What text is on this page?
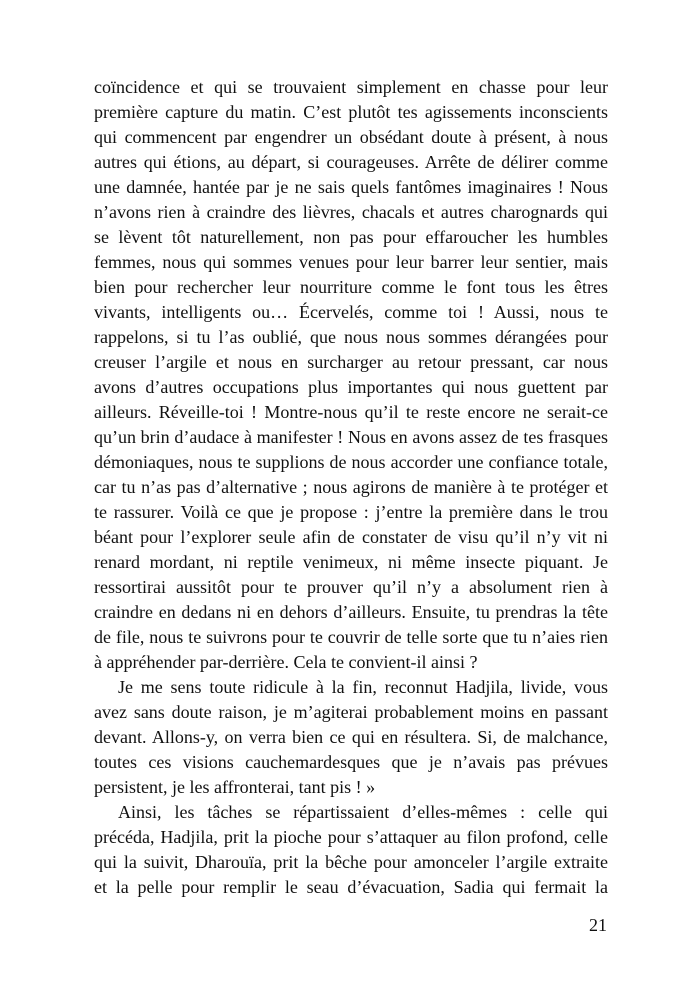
coïncidence et qui se trouvaient simplement en chasse pour leur
première capture du matin. C’est plutôt tes agissements inconscients
qui commencent par engendrer un obsédant doute à présent, à nous
autres qui étions, au départ, si courageuses. Arrête de délirer comme
une damnée, hantée par je ne sais quels fantômes imaginaires ! Nous
n’avons rien à craindre des lièvres, chacals et autres charognards qui
se lèvent tôt naturellement, non pas pour effaroucher les humbles
femmes, nous qui sommes venues pour leur barrer leur sentier, mais
bien pour rechercher leur nourriture comme le font tous les êtres
vivants, intelligents ou… Écervelés, comme toi ! Aussi, nous te
rappelons, si tu l’as oublié, que nous nous sommes dérangées pour
creuser l’argile et nous en surcharger au retour pressant, car nous
avons d’autres occupations plus importantes qui nous guettent par
ailleurs. Réveille-toi ! Montre-nous qu’il te reste encore ne serait-ce
qu’un brin d’audace à manifester ! Nous en avons assez de tes frasques
démoniaques, nous te supplions de nous accorder une confiance totale,
car tu n’as pas d’alternative ; nous agirons de manière à te protéger et
te rassurer. Voilà ce que je propose : j’entre la première dans le trou
béant pour l’explorer seule afin de constater de visu qu’il n’y vit ni
renard mordant, ni reptile venimeux, ni même insecte piquant. Je
ressortirai aussitôt pour te prouver qu’il n’y a absolument rien à
craindre en dedans ni en dehors d’ailleurs. Ensuite, tu prendras la tête
de file, nous te suivrons pour te couvrir de telle sorte que tu n’aies rien
à appréhender par-derrière. Cela te convient-il ainsi ?
Je me sens toute ridicule à la fin, reconnut Hadjila, livide, vous
avez sans doute raison, je m’agiterai probablement moins en passant
devant. Allons-y, on verra bien ce qui en résultera. Si, de malchance,
toutes ces visions cauchemardesques que je n’avais pas prévues
persistent, je les affronterai, tant pis ! »
Ainsi, les tâches se répartissaient d’elles-mêmes : celle qui
précéda, Hadjila, prit la pioche pour s’attaquer au filon profond, celle
qui la suivit, Dharouïa, prit la bêche pour amonceler l’argile extraite
et la pelle pour remplir le seau d’évacuation, Sadia qui fermait la
21
